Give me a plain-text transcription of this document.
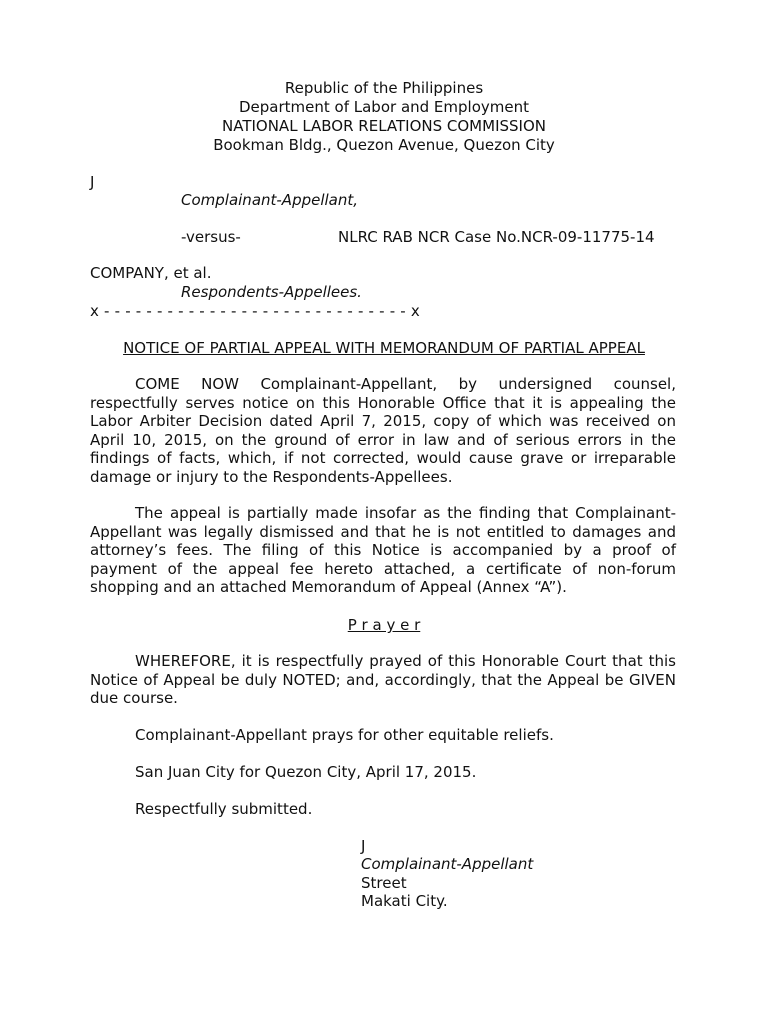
Republic of the Philippines
Department of Labor and Employment
NATIONAL LABOR RELATIONS COMMISSION
Bookman Bldg., Quezon Avenue, Quezon City
J
Complainant-Appellant,
-versus-	NLRC RAB NCR Case No.NCR-09-11775-14
COMPANY, et al.
Respondents-Appellees.
x - - - - - - - - - - - - - - - - - - - - - - - - - - - - - x
NOTICE OF PARTIAL APPEAL WITH MEMORANDUM OF PARTIAL APPEAL
COME NOW Complainant-Appellant, by undersigned counsel, respectfully serves notice on this Honorable Office that it is appealing the Labor Arbiter Decision dated April 7, 2015, copy of which was received on April 10, 2015, on the ground of error in law and of serious errors in the findings of facts, which, if not corrected, would cause grave or irreparable damage or injury to the Respondents-Appellees.
The appeal is partially made insofar as the finding that Complainant-Appellant was legally dismissed and that he is not entitled to damages and attorney’s fees. The filing of this Notice is accompanied by a proof of payment of the appeal fee hereto attached, a certificate of non-forum shopping and an attached Memorandum of Appeal (Annex “A”).
P r a y e r
WHEREFORE, it is respectfully prayed of this Honorable Court that this Notice of Appeal be duly NOTED; and, accordingly, that the Appeal be GIVEN due course.
Complainant-Appellant prays for other equitable reliefs.
San Juan City for Quezon City, April 17, 2015.
Respectfully submitted.
J
Complainant-Appellant
Street
Makati City.
